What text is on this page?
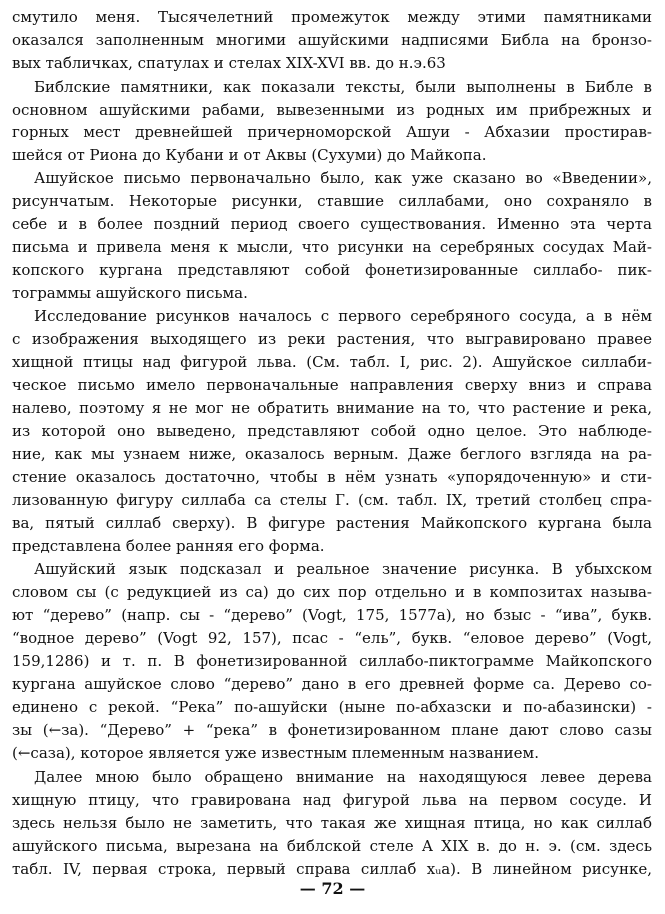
смутило меня. Тысячелетний промежуток между этими памятниками
оказался заполненным многими ашуйскими надписями Библа на бронзо-
вых табличках, спатулах и стелах XIX-XVI вв. до н.э.63
Библские памятники, как показали тексты, были выполнены в Библе в
основном ашуйскими рабами, вывезенными из родных им прибрежных и
горных мест древнейшей причерноморской Ашуи - Абхазии простирав-
шейся от Риона до Кубани и от Аквы (Сухуми) до Майкопа.
Ашуйское письмо первоначально было, как уже сказано во «Введении»,
рисунчатым. Некоторые рисунки, ставшие силлабами, оно сохраняло в
себе и в более поздний период своего существования. Именно эта черта
письма и привела меня к мысли, что рисунки на серебряных сосудах Май-
копского кургана представляют собой фонетизированные силлабо- пик-
тограммы ашуйского письма.
Исследование рисунков началось с первого серебряного сосуда, а в нём
с изображения выходящего из реки растения, что выгравировано правее
хищной птицы над фигурой льва. (См. табл. I, рис. 2). Ашуйское силлаби-
ческое письмо имело первоначальные направления сверху вниз и справа
налево, поэтому я не мог не обратить внимание на то, что растение и река,
из которой оно выведено, представляют собой одно целое. Это наблюде-
ние, как мы узнаем ниже, оказалось верным. Даже беглого взгляда на ра-
стение оказалось достаточно, чтобы в нём узнать «упорядоченную» и сти-
лизованную фигуру силлаба са стелы Г. (см. табл. IX, третий столбец спра-
ва, пятый силлаб сверху). В фигуре растения Майкопского кургана была
представлена более ранняя его форма.
Ашуйский язык подсказал и реальное значение рисунка. В убыхском
словом сы (с редукцией из са) до сих пор отдельно и в композитах называ-
ют “дерево” (напр. сы - “дерево” (Vogt, 175, 1577а), но бзыс - “ива”, букв.
“водное дерево” (Vogt 92, 157), псас - “ель”, букв. “еловое дерево” (Vogt,
159,1286) и т. п. В фонетизированной силлабо-пиктограмме Майкопского
кургана ашуйское слово “дерево” дано в его древней форме са. Дерево со-
единено с рекой. “Река” по-ашуйски (ныне по-абхазски и по-абазински) -
зы (←за). “Дерево” + “река” в фонетизированном плане дают слово сазы
(←саза), которое является уже известным племенным названием.
Далее мною было обращено внимание на находящуюся левее дерева
хищную птицу, что гравирована над фигурой льва на первом сосуде. И
здесь нельзя было не заметить, что такая же хищная птица, но как силлаб
ашуйского письма, вырезана на библской стеле A XIX в. до н. э. (см. здесь
табл. IV, первая строка, первый справа силлаб xᵤa). В линейном рисунке,
— 72 —
